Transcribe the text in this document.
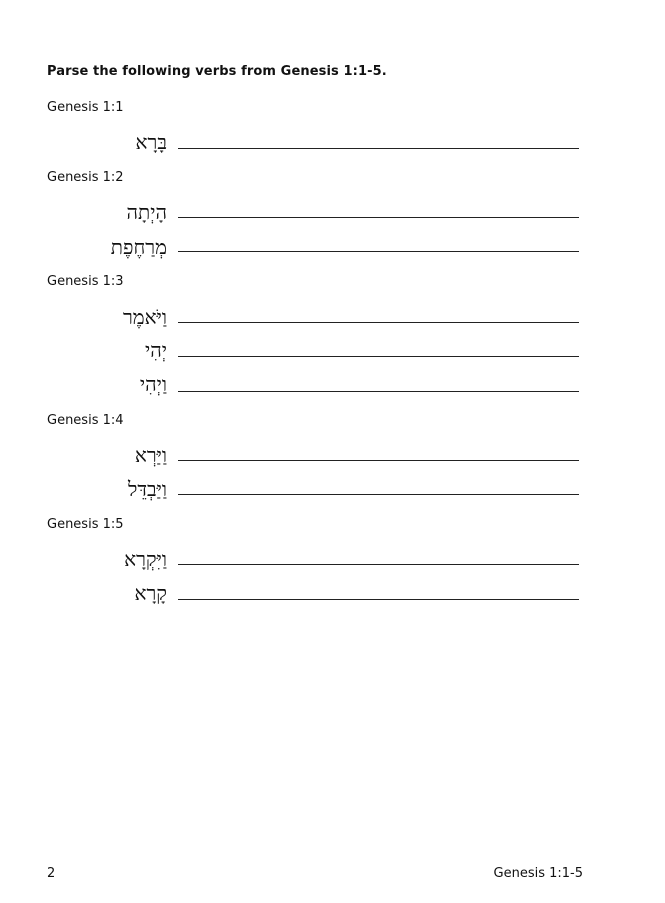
Parse the following verbs from Genesis 1:1-5.
Genesis 1:1
בָּרָא
Genesis 1:2
הָיְתָה
מְרַחֶפֶת
Genesis 1:3
וַיֹּאמֶר
יְהִי
וַיְהִי
Genesis 1:4
וַיַּרְא
וַיַּבְדֵּל
Genesis 1:5
וַיִּקְרָא
קָרָא
2	Genesis 1:1-5
